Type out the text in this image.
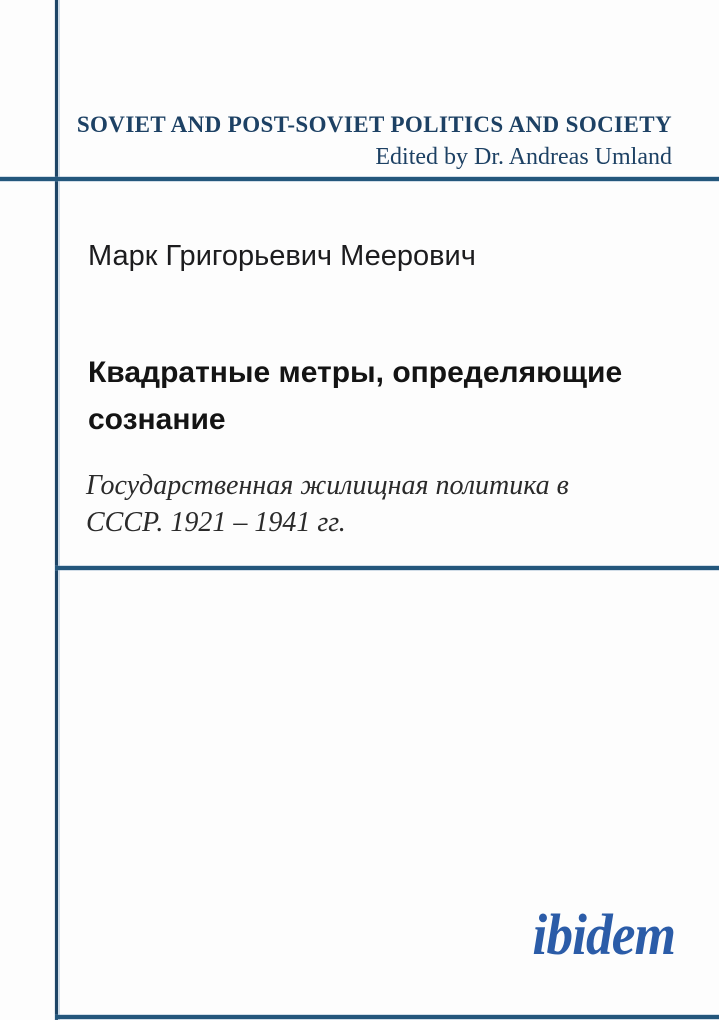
SOVIET AND POST-SOVIET POLITICS AND SOCIETY
Edited by Dr. Andreas Umland
Марк Григорьевич Меерович
Квадратные метры, определяющие
сознание
Государственная жилищная политика в
СССР. 1921 – 1941 гг.
ibidem
